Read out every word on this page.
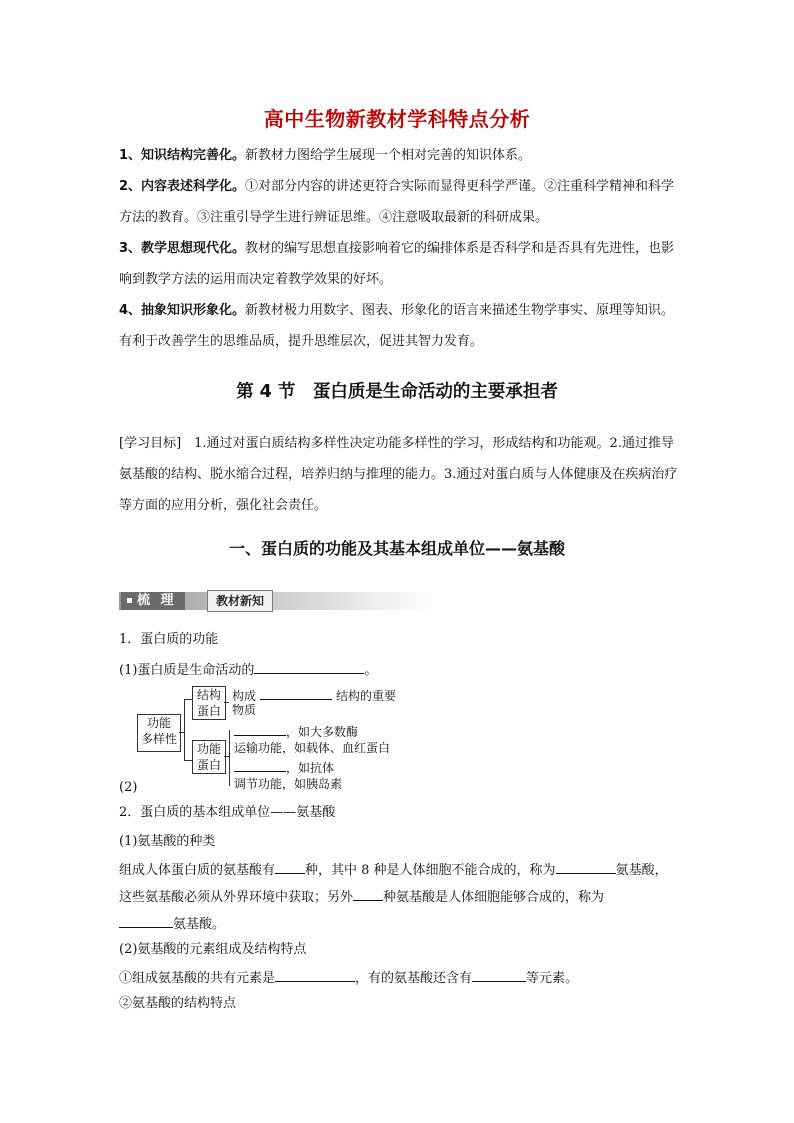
高中生物新教材学科特点分析

1、知识结构完善化。新教材力图给学生展现一个相对完善的知识体系。

2、内容表述科学化。①对部分内容的讲述更符合实际而显得更科学严谨。②注重科学精神和科学方法的教育。③注重引导学生进行辨证思维。④注意吸取最新的科研成果。

3、教学思想现代化。教材的编写思想直接影响着它的编排体系是否科学和是否具有先进性，也影响到教学方法的运用而决定着教学效果的好坏。

4、抽象知识形象化。新教材极力用数字、图表、形象化的语言来描述生物学事实、原理等知识。有利于改善学生的思维品质，提升思维层次，促进其智力发育。

第 4 节　蛋白质是生命活动的主要承担者

[学习目标]　1.通过对蛋白质结构多样性决定功能多样性的学习，形成结构和功能观。2.通过推导氨基酸的结构、脱水缩合过程，培养归纳与推理的能力。3.通过对蛋白质与人体健康及在疾病治疗等方面的应用分析，强化社会责任。

一、蛋白质的功能及其基本组成单位——氨基酸
梳 理	教材新知
1．蛋白质的功能
(1)蛋白质是生命活动的	。
功能
多样性
结构
蛋白
构成	结构的重要
物质
功能
蛋白
，如大多数酶
运输功能，如载体、血红蛋白
，如抗体
调节功能，如胰岛素
(2)
2．蛋白质的基本组成单位——氨基酸
(1)氨基酸的种类
组成人体蛋白质的氨基酸有 种，其中 8 种是人体细胞不能合成的，称为	氨基酸，
这些氨基酸必须从外界环境中获取；另外 种氨基酸是人体细胞能够合成的，称为
氨基酸。
(2)氨基酸的元素组成及结构特点
①组成氨基酸的共有元素是	，有的氨基酸还含有	等元素。
②氨基酸的结构特点
